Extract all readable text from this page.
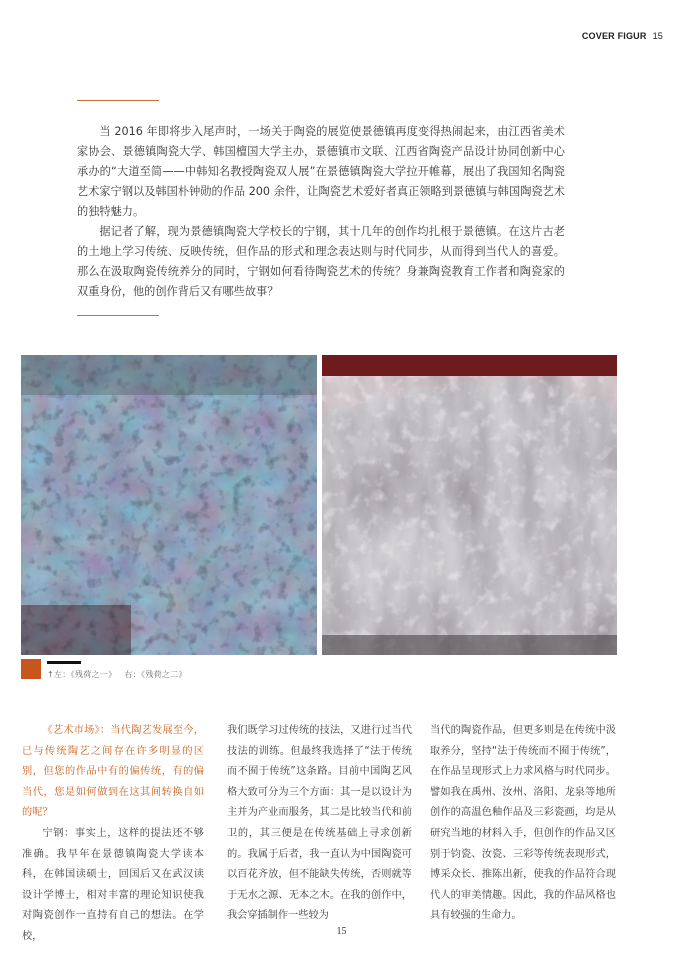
COVER FIGUR 15

当 2016 年即将步入尾声时，一场关于陶瓷的展览使景德镇再度变得热闹起来，由江西省美术家协会、景德镇陶瓷大学、韩国檀国大学主办，景德镇市文联、江西省陶瓷产品设计协同创新中心承办的“大道至简——中韩知名教授陶瓷双人展”在景德镇陶瓷大学拉开帷幕，展出了我国知名陶瓷艺术家宁钢以及韩国朴钟勋的作品 200 余件，让陶瓷艺术爱好者真正领略到景德镇与韩国陶瓷艺术的独特魅力。

据记者了解，现为景德镇陶瓷大学校长的宁钢，其十几年的创作均扎根于景德镇。在这片古老的土地上学习传统、反映传统，但作品的形式和理念表达则与时代同步，从而得到当代人的喜爱。那么在汲取陶瓷传统养分的同时，宁钢如何看待陶瓷艺术的传统？身兼陶瓷教育工作者和陶瓷家的双重身份，他的创作背后又有哪些故事？

↑左：《残荷之一》 右：《残荷之二》

《艺术市场》：当代陶艺发展至今，已与传统陶艺之间存在许多明显的区别，但您的作品中有的偏传统，有的偏当代，您是如何做到在这其间转换自如的呢？

宁钢：事实上，这样的提法还不够准确。我早年在景德镇陶瓷大学读本科，在韩国读硕士，回国后又在武汉读设计学博士，相对丰富的理论知识使我对陶瓷创作一直持有自己的想法。在学校，

我们既学习过传统的技法，又进行过当代技法的训练。但最终我选择了“法于传统而不囿于传统”这条路。目前中国陶艺风格大致可分为三个方面：其一是以设计为主并为产业而服务，其二是比较当代和前卫的，其三便是在传统基础上寻求创新的。我属于后者，我一直认为中国陶瓷可以百花齐放，但不能缺失传统，否则就等于无水之源、无本之木。在我的创作中，我会穿插制作一些较为

当代的陶瓷作品，但更多则是在传统中汲取养分，坚持“法于传统而不囿于传统”，在作品呈现形式上力求风格与时代同步。譬如我在禹州、汝州、洛阳、龙泉等地所创作的高温色釉作品及三彩瓷画，均是从研究当地的材料入手，但创作的作品又区别于钧瓷、汝瓷、三彩等传统表现形式，博采众长、推陈出新，使我的作品符合现代人的审美情趣。因此，我的作品风格也具有较强的生命力。

15
